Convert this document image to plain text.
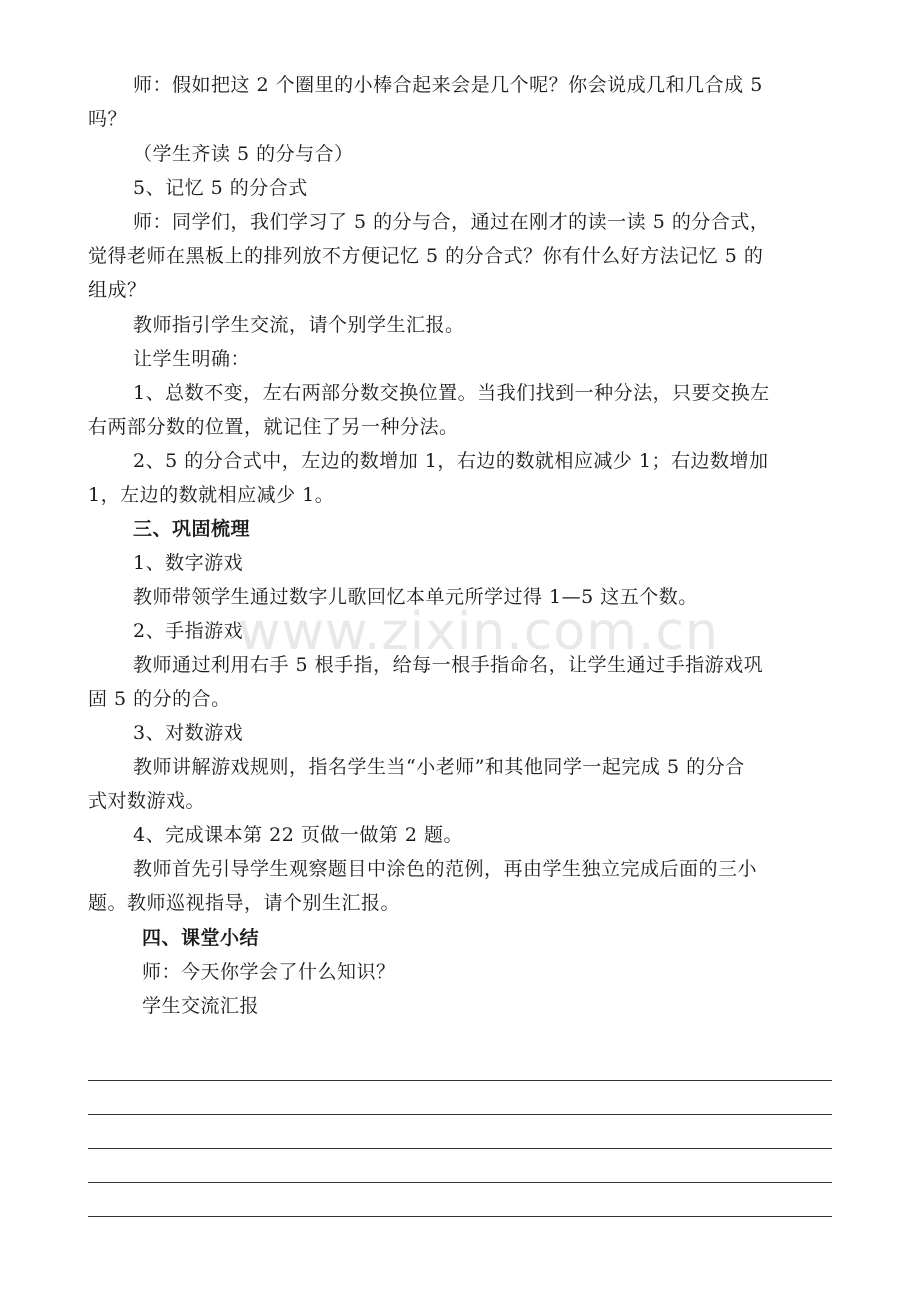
师：假如把这 2 个圈里的小棒合起来会是几个呢？你会说成几和几合成 5
吗？
（学生齐读 5 的分与合）
5、记忆 5 的分合式
师：同学们，我们学习了 5 的分与合，通过在刚才的读一读 5 的分合式，
觉得老师在黑板上的排列放不方便记忆 5 的分合式？你有什么好方法记忆 5 的
组成？
教师指引学生交流，请个别学生汇报。
让学生明确：
1、总数不变，左右两部分数交换位置。当我们找到一种分法，只要交换左
右两部分数的位置，就记住了另一种分法。
2、5 的分合式中，左边的数增加 1，右边的数就相应减少 1；右边数增加
1，左边的数就相应减少 1。
三、巩固梳理
1、数字游戏
教师带领学生通过数字儿歌回忆本单元所学过得 1—5 这五个数。
2、手指游戏
教师通过利用右手 5 根手指，给每一根手指命名，让学生通过手指游戏巩
固 5 的分的合。
3、对数游戏
教师讲解游戏规则，指名学生当“小老师”和其他同学一起完成 5 的分合
式对数游戏。
4、完成课本第 22 页做一做第 2 题。
教师首先引导学生观察题目中涂色的范例，再由学生独立完成后面的三小
题。教师巡视指导，请个别生汇报。
四、课堂小结
师：今天你学会了什么知识？
学生交流汇报
www.zixin.com.cn
